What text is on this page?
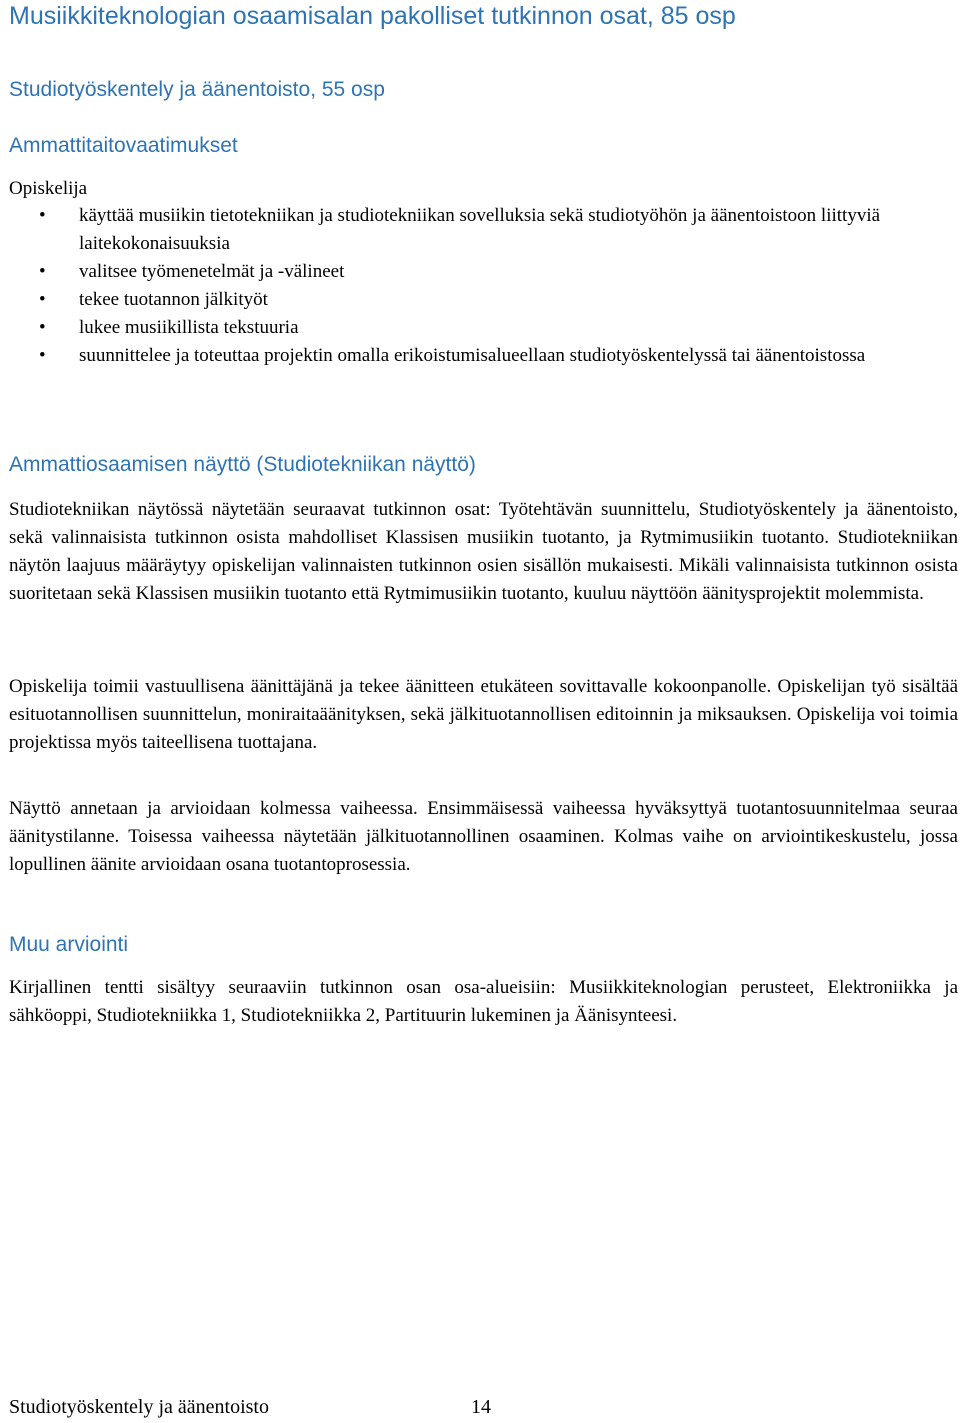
Musiikkiteknologian osaamisalan pakolliset tutkinnon osat, 85 osp
Studiotyöskentely ja äänentoisto, 55 osp
Ammattitaitovaatimukset
Opiskelija
• käyttää musiikin tietotekniikan ja studiotekniikan sovelluksia sekä studiotyöhön ja äänentoistoon liittyviä laitekokonaisuuksia
• valitsee työmenetelmät ja -välineet
• tekee tuotannon jälkityöt
• lukee musiikillista tekstuuria
• suunnittelee ja toteuttaa projektin omalla erikoistumisalueellaan studiotyöskentelyssä tai äänentoistossa
Ammattiosaamisen näyttö (Studiotekniikan näyttö)

Studiotekniikan näytössä näytetään seuraavat tutkinnon osat: Työtehtävän suunnittelu, Studiotyöskentely ja äänentoisto, sekä valinnaisista tutkinnon osista mahdolliset Klassisen musiikin tuotanto, ja Rytmimusiikin tuotanto. Studiotekniikan näytön laajuus määräytyy opiskelijan valinnaisten tutkinnon osien sisällön mukaisesti. Mikäli valinnaisista tutkinnon osista suoritetaan sekä Klassisen musiikin tuotanto että Rytmimusiikin tuotanto, kuuluu näyttöön äänitysprojektit molemmista.

Opiskelija toimii vastuullisena äänittäjänä ja tekee äänitteen etukäteen sovittavalle kokoonpanolle. Opiskelijan työ sisältää esituotannollisen suunnittelun, moniraitaäänityksen, sekä jälkituotannollisen editoinnin ja miksauksen. Opiskelija voi toimia projektissa myös taiteellisena tuottajana.

Näyttö annetaan ja arvioidaan kolmessa vaiheessa. Ensimmäisessä vaiheessa hyväksyttyä tuotantosuunnitelmaa seuraa äänitystilanne. Toisessa vaiheessa näytetään jälkituotannollinen osaaminen. Kolmas vaihe on arviointikeskustelu, jossa lopullinen äänite arvioidaan osana tuotantoprosessia.

Muu arviointi

Kirjallinen tentti sisältyy seuraaviin tutkinnon osan osa-alueisiin: Musiikkiteknologian perusteet, Elektroniikka ja sähköoppi, Studiotekniikka 1, Studiotekniikka 2, Partituurin lukeminen ja Äänisynteesi.

Studiotyöskentely ja äänentoisto	14
